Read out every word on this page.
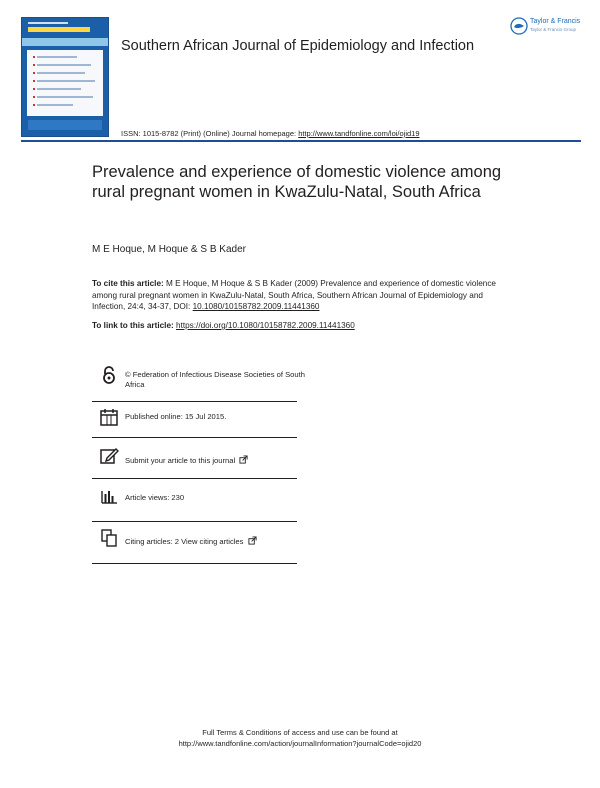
Southern African Journal of Epidemiology and Infection
Taylor & Francis
Taylor & Francis Group
ISSN: 1015-8782 (Print) (Online) Journal homepage: http://www.tandfonline.com/loi/ojid19
Prevalence and experience of domestic violence among rural pregnant women in KwaZulu-Natal, South Africa
M E Hoque, M Hoque & S B Kader
To cite this article: M E Hoque, M Hoque & S B Kader (2009) Prevalence and experience of domestic violence among rural pregnant women in KwaZulu-Natal, South Africa, Southern African Journal of Epidemiology and Infection, 24:4, 34-37, DOI: 10.1080/10158782.2009.11441360
To link to this article: https://doi.org/10.1080/10158782.2009.11441360
© Federation of Infectious Disease Societies of South Africa
Published online: 15 Jul 2015.
Submit your article to this journal
Article views: 230
Citing articles: 2 View citing articles
Full Terms & Conditions of access and use can be found at
http://www.tandfonline.com/action/journalInformation?journalCode=ojid20
